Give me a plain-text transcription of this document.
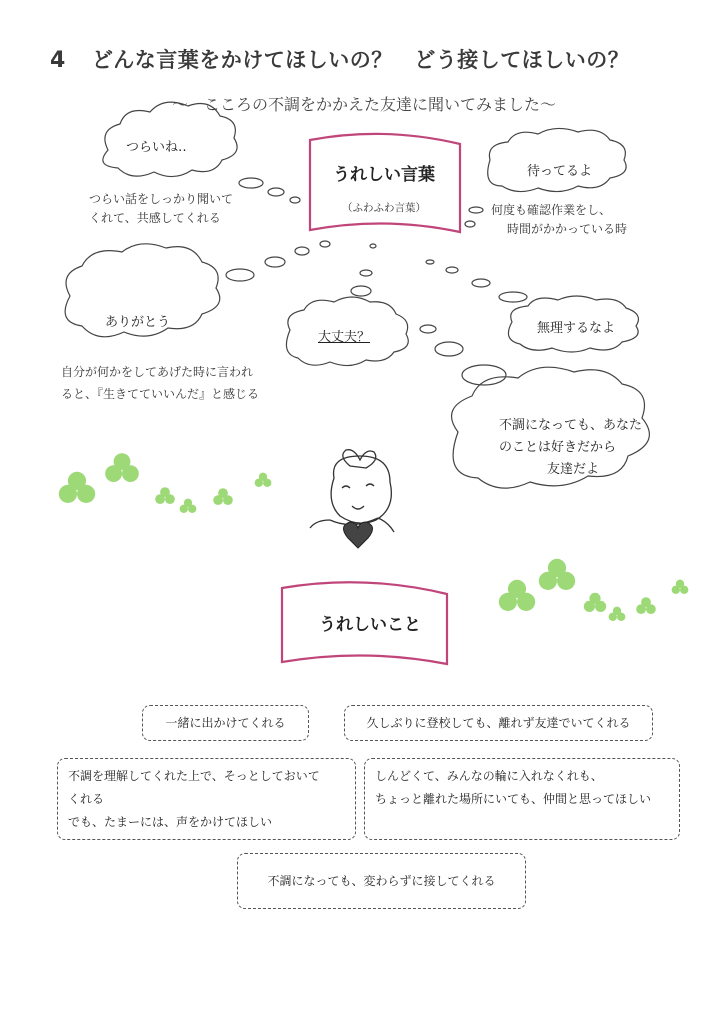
4 どんな言葉をかけてほしいの？　どう接してほしいの？
～　こころの不調をかかえた友達に聞いてみました～
うれしい言葉
（ふわふわ言葉）
うれしいこと
つらいね‥
つらい話をしっかり聞いて
くれて、共感してくれる
待ってるよ
何度も確認作業をし、
時間がかかっている時
ありがとう
自分が何かをしてあげた時に言われ
ると、『生きてていいんだ』と感じる
大丈夫？
無理するなよ
不調になっても、あなた
のことは好きだから
友達だよ
一緒に出かけてくれる	久しぶりに登校しても、離れず友達でいてくれる
不調を理解してくれた上で、そっとしておいて
くれる
でも、たまーには、声をかけてほしい
しんどくて、みんなの輪に入れなくれも、
ちょっと離れた場所にいても、仲間と思ってほしい
不調になっても、変わらずに接してくれる
